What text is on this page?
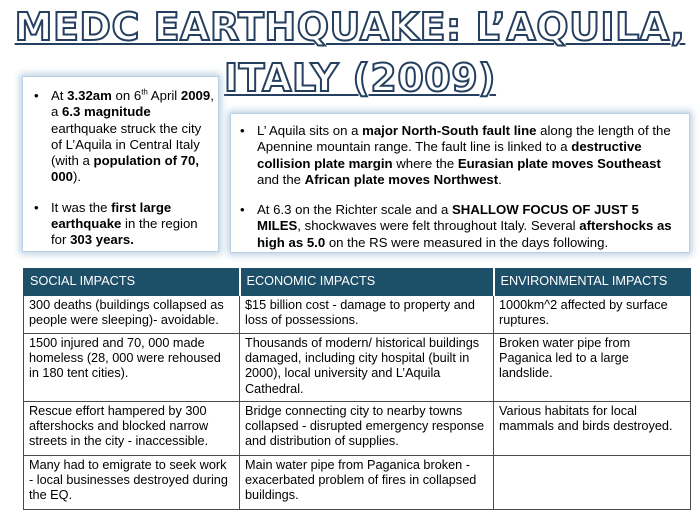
MEDC EARTHQUAKE: L’AQUILA,
ITALY (2009)
• At 3.32am on 6th April 2009, a 6.3 magnitude earthquake struck the city of L’Aquila in Central Italy (with a population of 70, 000).
• It was the first large earthquake in the region for 303 years.
• L’ Aquila sits on a major North-South fault line along the length of the Apennine mountain range. The fault line is linked to a destructive collision plate margin where the Eurasian plate moves Southeast and the African plate moves Northwest.
• At 6.3 on the Richter scale and a SHALLOW FOCUS OF JUST 5 MILES, shockwaves were felt throughout Italy. Several aftershocks as high as 5.0 on the RS were measured in the days following.
SOCIAL IMPACTS	ECONOMIC IMPACTS	ENVIRONMENTAL IMPACTS
300 deaths (buildings collapsed as people were sleeping)- avoidable.	$15 billion cost - damage to property and loss of possessions.	1000km^2 affected by surface ruptures.
1500 injured and 70, 000 made homeless (28, 000 were rehoused in 180 tent cities).	Thousands of modern/ historical buildings damaged, including city hospital (built in 2000), local university and L’Aquila Cathedral.	Broken water pipe from Paganica led to a large landslide.
Rescue effort hampered by 300 aftershocks and blocked narrow streets in the city - inaccessible.	Bridge connecting city to nearby towns collapsed - disrupted emergency response and distribution of supplies.	Various habitats for local mammals and birds destroyed.
Many had to emigrate to seek work - local businesses destroyed during the EQ.	Main water pipe from Paganica broken - exacerbated problem of fires in collapsed buildings.	
